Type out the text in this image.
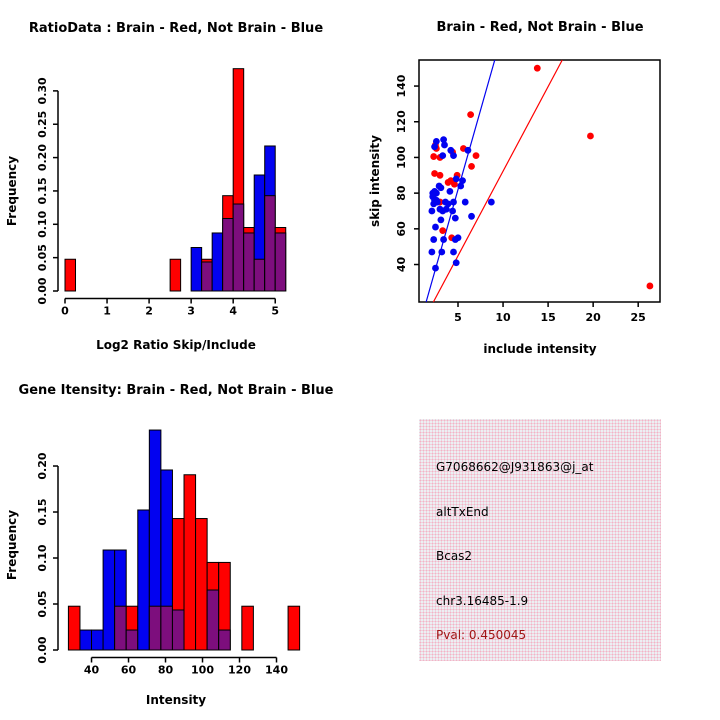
RatioData : Brain - Red, Not Brain - Blue
Frequency
Log2 Ratio Skip/Include
0	1	2	3	4	5
0.00
0.05
0.10
0.15
0.20
0.25
0.30
Brain - Red, Not Brain - Blue
skip intensity
include intensity
5	10	15	20	25
40
60
80
100
120
140
Gene Itensity: Brain - Red, Not Brain - Blue
Frequency
Intensity
40 60 80 100 120 140
0.00
0.05
0.10
0.15
0.20	G7068662@J931863@j_at
altTxEnd
Bcas2
chr3.16485-1.9
Pval: 0.450045
